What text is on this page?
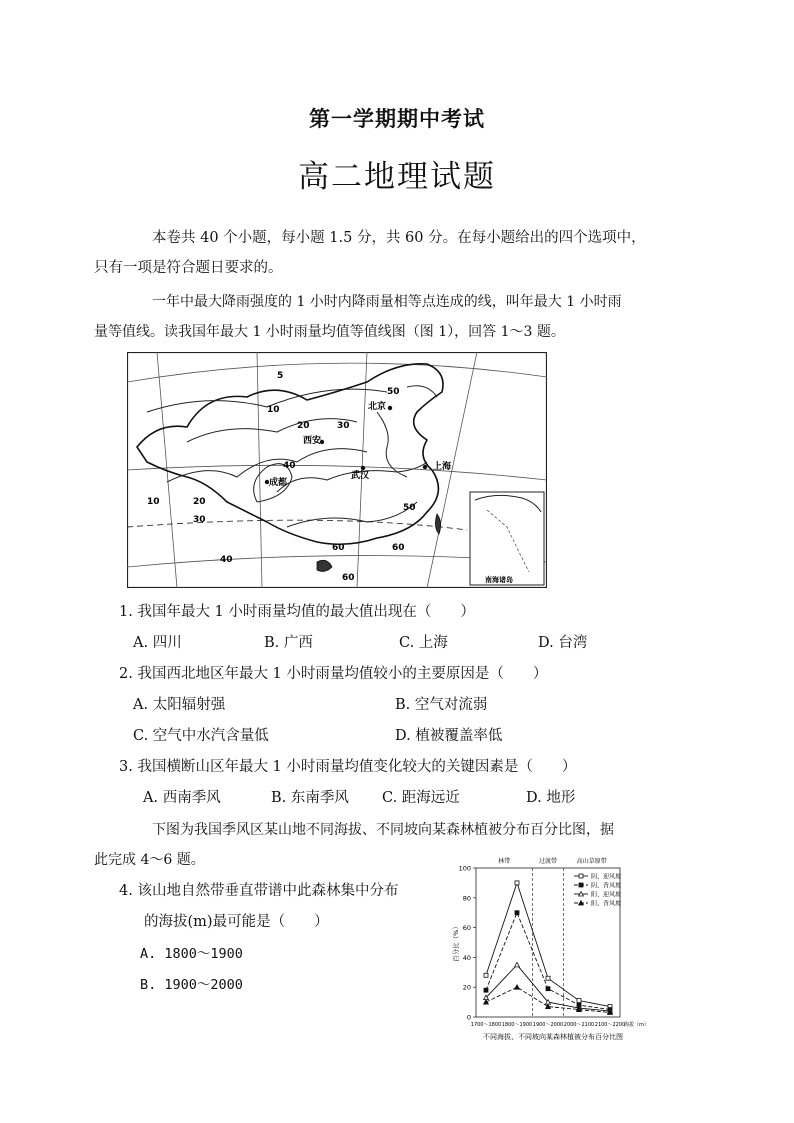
第一学期期中考试
高二地理试题
本卷共 40 个小题，每小题 1.5 分，共 60 分。在每小题给出的四个选项中，
只有一项是符合题日要求的。
一年中最大降雨强度的 1 小时内降雨量相等点连成的线，叫年最大 1 小时雨
量等值线。读我国年最大 1 小时雨量均值等值线图（图 1），回答 1～3 题。
北京
西安
武汉
上海
成都
5
10
20	30
40
50
60
10	20
30
40
50
60
60	南海诸岛
1. 我国年最大 1 小时雨量均值的最大值出现在（　　）
A. 四川	B. 广西	C. 上海	D. 台湾
2. 我国西北地区年最大 1 小时雨量均值较小的主要原因是（　　）
A. 太阳辐射强	B. 空气对流弱
C. 空气中水汽含量低	D. 植被覆盖率低
3. 我国横断山区年最大 1 小时雨量均值变化较大的关键因素是（　　）
A. 西南季风	B. 东南季风 C. 距海远近	D. 地形
下图为我国季风区某山地不同海拔、不同坡向某森林植被分布百分比图，据
此完成 4～6 题。
4. 该山地自然带垂直带谱中此森林集中分布
的海拔(m)最可能是（　　）
A. 1800～1900
B. 1900～2000
0
20
40
60
80
100
百分比（%）
1700～1800 1800～1900 1900～2000 2000～2100 2100～2200
海拔（m）
林带	过渡带	高山草原带
阴、迎风坡
阴、背风坡
阳、迎风坡
阳、背风坡
不同海拔、不同坡向某森林植被分布百分比图
